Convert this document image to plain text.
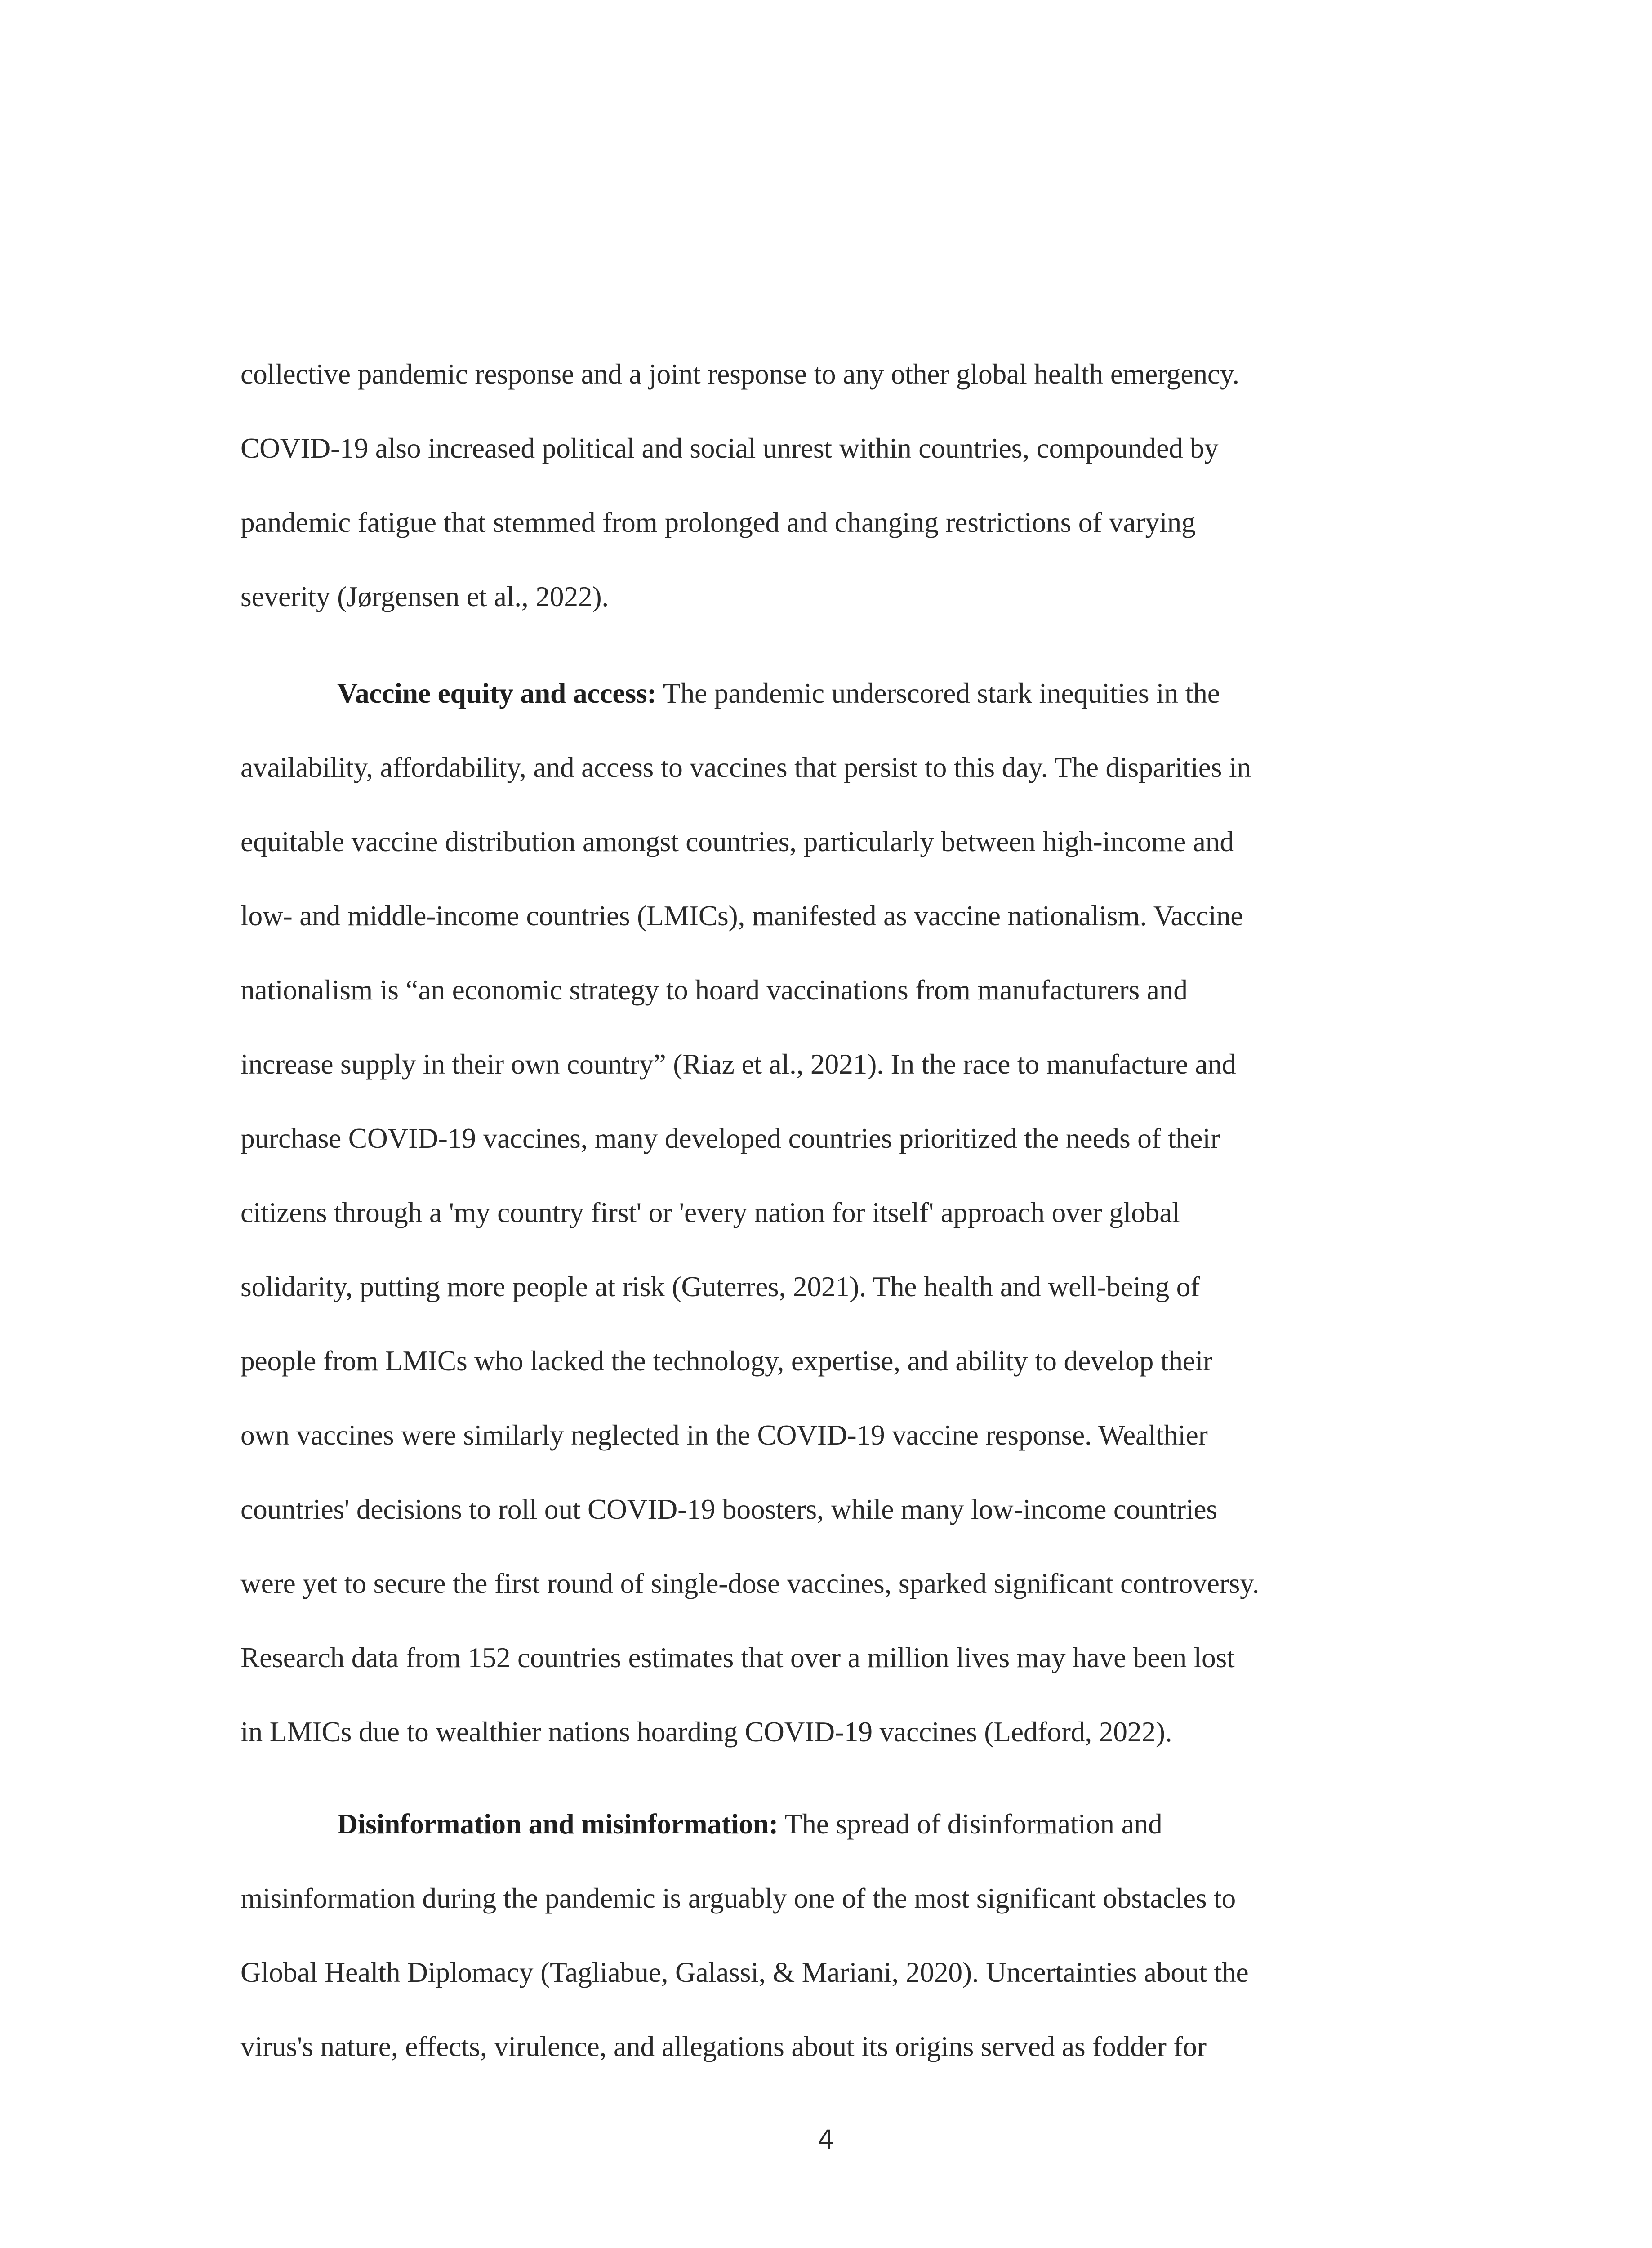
collective pandemic response and a joint response to any other global health emergency.
COVID-19 also increased political and social unrest within countries, compounded by
pandemic fatigue that stemmed from prolonged and changing restrictions of varying
severity (Jørgensen et al., 2022).
Vaccine equity and access: The pandemic underscored stark inequities in the
availability, affordability, and access to vaccines that persist to this day. The disparities in
equitable vaccine distribution amongst countries, particularly between high-income and
low- and middle-income countries (LMICs), manifested as vaccine nationalism. Vaccine
nationalism is “an economic strategy to hoard vaccinations from manufacturers and
increase supply in their own country” (Riaz et al., 2021). In the race to manufacture and
purchase COVID-19 vaccines, many developed countries prioritized the needs of their
citizens through a 'my country first' or 'every nation for itself' approach over global
solidarity, putting more people at risk (Guterres, 2021). The health and well-being of
people from LMICs who lacked the technology, expertise, and ability to develop their
own vaccines were similarly neglected in the COVID-19 vaccine response. Wealthier
countries' decisions to roll out COVID-19 boosters, while many low-income countries
were yet to secure the first round of single-dose vaccines, sparked significant controversy.
Research data from 152 countries estimates that over a million lives may have been lost
in LMICs due to wealthier nations hoarding COVID-19 vaccines (Ledford, 2022).
Disinformation and misinformation: The spread of disinformation and
misinformation during the pandemic is arguably one of the most significant obstacles to
Global Health Diplomacy (Tagliabue, Galassi, & Mariani, 2020). Uncertainties about the
virus's nature, effects, virulence, and allegations about its origins served as fodder for
4
